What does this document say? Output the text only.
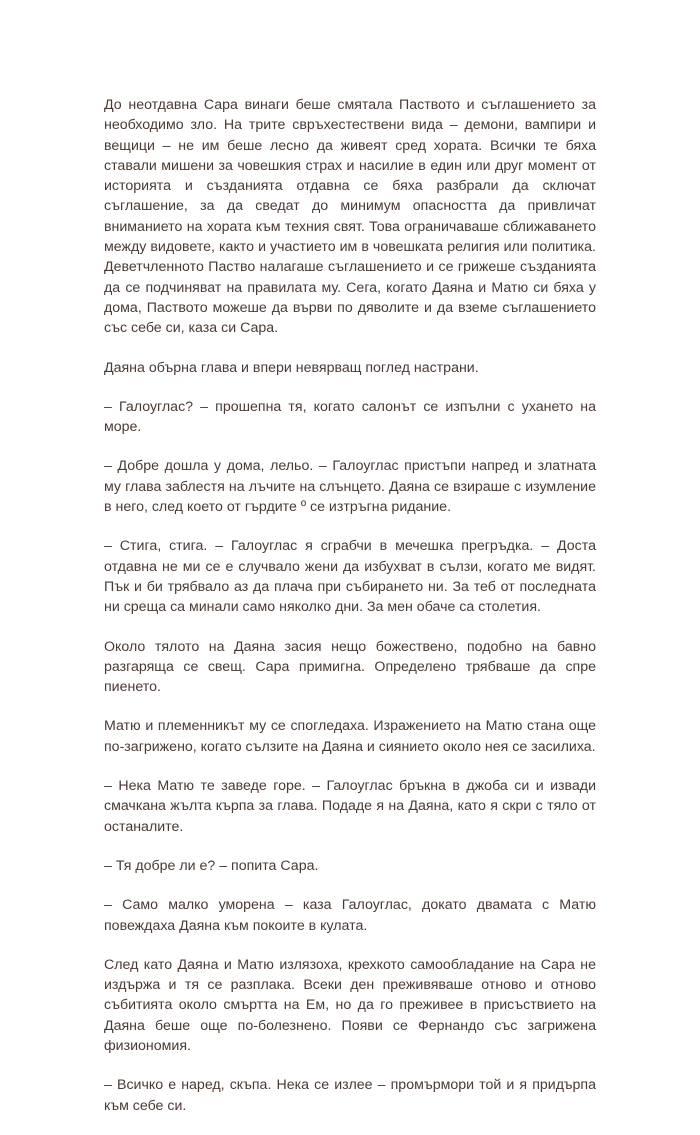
До неотдавна Сара винаги беше смятала Паството и съглашението за необходимо зло. На трите свръхестествени вида – демони, вампири и вещици – не им беше лесно да живеят сред хората. Всички те бяха ставали мишени за човешкия страх и насилие в един или друг момент от историята и създанията отдавна се бяха разбрали да сключат съглашение, за да сведат до минимум опасността да привличат вниманието на хората към техния свят. Това ограничаваше сближаването между видовете, както и участието им в човешката религия или политика. Деветчленното Паство налагаше съглашението и се грижеше създанията да се подчиняват на правилата му. Сега, когато Даяна и Матю си бяха у дома, Паството можеше да върви по дяволите и да вземе съглашението със себе си, каза си Сара.

Даяна обърна глава и впери невярващ поглед настрани.

– Галоуглас? – прошепна тя, когато салонът се изпълни с ухането на море.

– Добре дошла у дома, лельо. – Галоуглас пристъпи напред и златната му глава заблестя на лъчите на слънцето. Даяна се взираше с изумление в него, след което от гърдите º се изтръгна ридание.

– Стига, стига. – Галоуглас я сграбчи в мечешка прегръдка. – Доста отдавна не ми се е случвало жени да избухват в сълзи, когато ме видят. Пък и би трябвало аз да плача при събирането ни. За теб от последната ни среща са минали само няколко дни. За мен обаче са столетия.

Около тялото на Даяна засия нещо божествено, подобно на бавно разгаряща се свещ. Сара примигна. Определено трябваше да спре пиенето.

Матю и племенникът му се спогледаха. Изражението на Матю стана още по-загрижено, когато сълзите на Даяна и сиянието около нея се засилиха.

– Нека Матю те заведе горе. – Галоуглас бръкна в джоба си и извади смачкана жълта кърпа за глава. Подаде я на Даяна, като я скри с тяло от останалите.

– Тя добре ли е? – попита Сара.

– Само малко уморена – каза Галоуглас, докато двамата с Матю повеждаха Даяна към покоите в кулата.

След като Даяна и Матю излязоха, крехкото самообладание на Сара не издържа и тя се разплака. Всеки ден преживяваше отново и отново събитията около смъртта на Ем, но да го преживее в присъствието на Даяна беше още по-болезнено. Появи се Фернандо със загрижена физиономия.

– Всичко е наред, скъпа. Нека се излее – промърмори той и я придърпа към себе си.
